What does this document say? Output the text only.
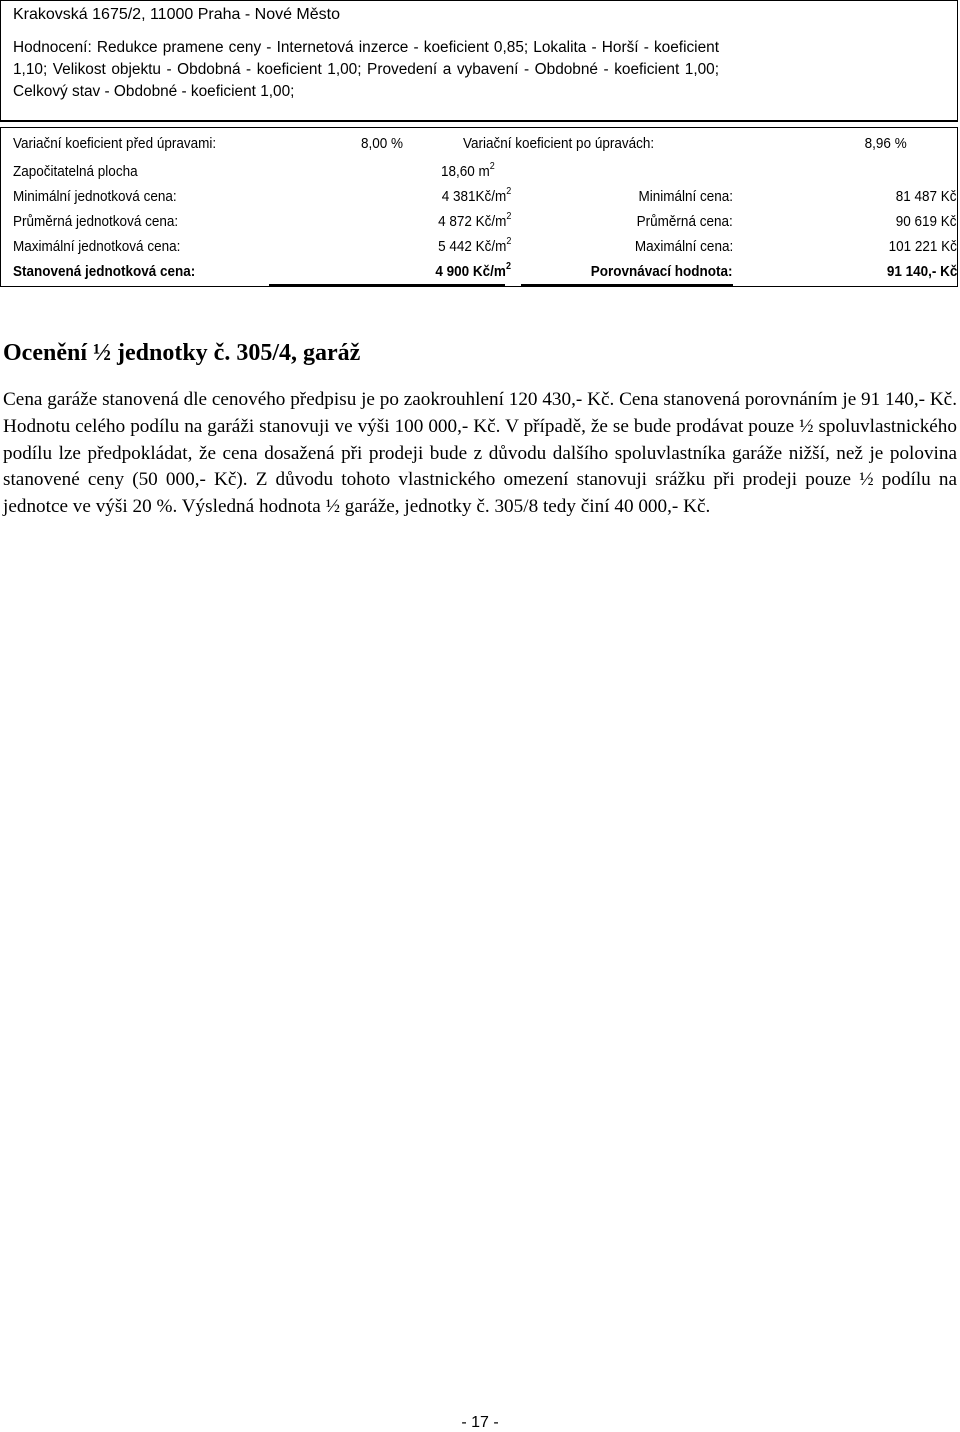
Krakovská 1675/2, 11000 Praha - Nové Město
Hodnocení: Redukce pramene ceny - Internetová inzerce - koeficient 0,85; Lokalita - Horší - koeficient 1,10; Velikost objektu - Obdobná - koeficient 1,00; Provedení a vybavení - Obdobné - koeficient 1,00; Celkový stav - Obdobné - koeficient 1,00;
Variační koeficient před úpravami:	8,00 %	Variační koeficient po úpravách:	8,96 %
Započitatelná plocha	18,60 $m^2$
Minimální jednotková cena:	4 $381Kč/m^2$	Minimální cena:	81 487 Kč
Průměrná jednotková cena:	4 872 $Kč/m^2$	Průměrná cena:	90 619 Kč
Maximální jednotková cena:	5 442 $Kč/m^2$	Maximální cena:	101 221 Kč
Stanovená jednotková cena:	4 900 $Kč/m^2$	Porovnávací hodnota:	91 140,- Kč
Ocenění ½ jednotky č. 305/4, garáž
Cena garáže stanovená dle cenového předpisu je po zaokrouhlení 120 430,- Kč. Cena stanovená porovnáním je 91 140,- Kč. Hodnotu celého podílu na garáži stanovuji ve výši 100 000,- Kč. V případě, že se bude prodávat pouze ½ spoluvlastnického podílu lze předpokládat, že cena dosažená při prodeji bude z důvodu dalšího spoluvlastníka garáže nižší, než je polovina stanovené ceny (50 000,- Kč). Z důvodu tohoto vlastnického omezení stanovuji srážku při prodeji pouze ½ podílu na jednotce ve výši 20 %. Výsledná hodnota ½ garáže, jednotky č. 305/8 tedy činí 40 000,- Kč.
- 17 -
